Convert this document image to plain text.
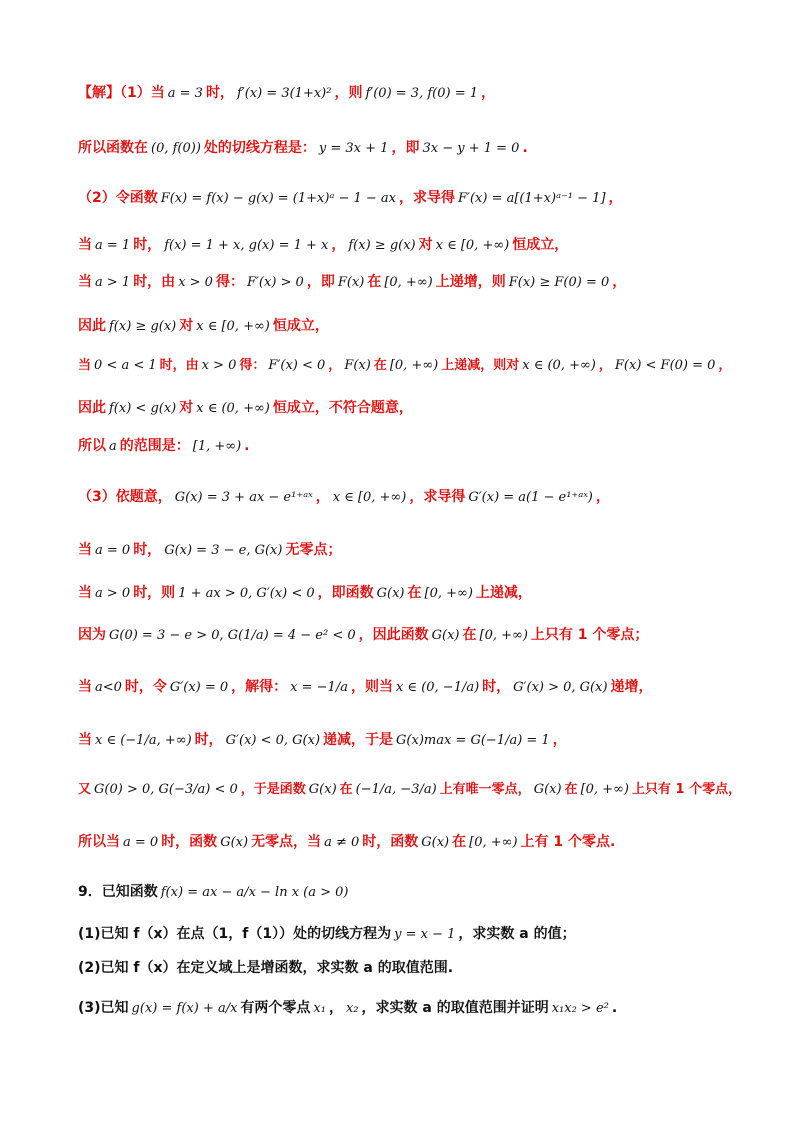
【解】（1）当 a = 3 时， f′(x) = 3(1+x)² ，则 f′(0) = 3, f(0) = 1 ，
所以函数在 (0, f(0)) 处的切线方程是： y = 3x + 1 ，即 3x − y + 1 = 0 .
（2）令函数 F(x) = f(x) − g(x) = (1+x)ᵃ − 1 − ax ，求导得 F′(x) = a[(1+x)ᵃ⁻¹ − 1] ，
当 a = 1 时， f(x) = 1 + x, g(x) = 1 + x ， f(x) ≥ g(x) 对 x ∈ [0, +∞) 恒成立，
当 a > 1 时，由 x > 0 得： F′(x) > 0 ，即 F(x) 在 [0, +∞) 上递增，则 F(x) ≥ F(0) = 0 ，
因此 f(x) ≥ g(x) 对 x ∈ [0, +∞) 恒成立，
当 0 < a < 1 时，由 x > 0 得： F′(x) < 0 ， F(x) 在 [0, +∞) 上递减，则对 x ∈ (0, +∞) ， F(x) < F(0) = 0 ，
因此 f(x) < g(x) 对 x ∈ (0, +∞) 恒成立，不符合题意，
所以 a 的范围是： [1, +∞) .
（3）依题意， G(x) = 3 + ax − e¹⁺ᵃˣ ， x ∈ [0, +∞) ，求导得 G′(x) = a(1 − e¹⁺ᵃˣ) ，
当 a = 0 时， G(x) = 3 − e, G(x) 无零点；
当 a > 0 时，则 1 + ax > 0, G′(x) < 0 ，即函数 G(x) 在 [0, +∞) 上递减，
因为 G(0) = 3 − e > 0, G(1/a) = 4 − e² < 0 ，因此函数 G(x) 在 [0, +∞) 上只有 1 个零点；
当 a<0 时，令 G′(x) = 0 ，解得： x = −1/a ，则当 x ∈ (0, −1/a) 时， G′(x) > 0, G(x) 递增，
当 x ∈ (−1/a, +∞) 时， G′(x) < 0, G(x) 递减，于是 G(x)max = G(−1/a) = 1 ，
又 G(0) > 0, G(−3/a) < 0 ，于是函数 G(x) 在 (−1/a, −3/a) 上有唯一零点， G(x) 在 [0, +∞) 上只有 1 个零点，
所以当 a = 0 时，函数 G(x) 无零点，当 a ≠ 0 时，函数 G(x) 在 [0, +∞) 上有 1 个零点.
9．已知函数 f(x) = ax − a/x − ln x (a > 0)
(1)已知 f（x）在点（1，f（1））处的切线方程为 y = x − 1 ，求实数 a 的值；
(2)已知 f（x）在定义域上是增函数，求实数 a 的取值范围.
(3)已知 g(x) = f(x) + a/x 有两个零点 x₁ ， x₂ ，求实数 a 的取值范围并证明 x₁x₂ > e² .
